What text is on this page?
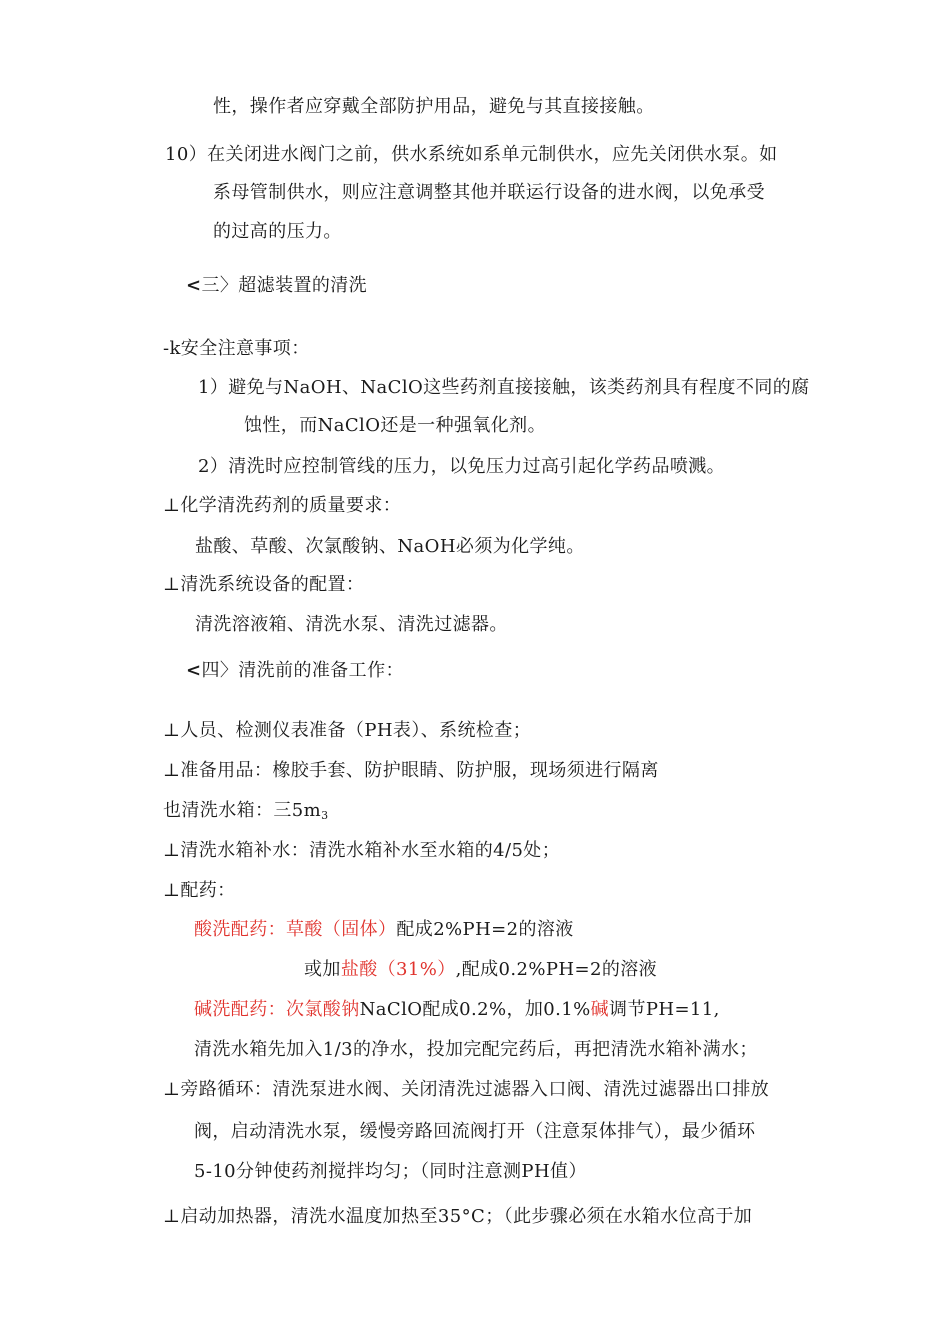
性，操作者应穿戴全部防护用品，避免与其直接接触。
10）在关闭进水阀门之前，供水系统如系单元制供水，应先关闭供水泵。如
系母管制供水，则应注意调整其他并联运行设备的进水阀，以免承受
的过高的压力。
<三〉超滤装置的清洗
-k安全注意事项：
1）避免与NaOH、NaClO这些药剂直接接触，该类药剂具有程度不同的腐
蚀性，而NaClO还是一种强氧化剂。
2）清洗时应控制管线的压力，以免压力过高引起化学药品喷溅。
⊥化学清洗药剂的质量要求：
盐酸、草酸、次氯酸钠、NaOH必须为化学纯。
⊥清洗系统设备的配置：
清洗溶液箱、清洗水泵、清洗过滤器。
<四〉清洗前的准备工作：
⊥人员、检测仪表准备（PH表）、系统检查；
⊥准备用品：橡胶手套、防护眼睛、防护服，现场须进行隔离
也清洗水箱：三$5m_3$
⊥清洗水箱补水：清洗水箱补水至水箱的4/5处；
⊥配药：
酸洗配药：草酸（固体）配成2%PH=2的溶液
或加盐酸（31%）,配成0.2%PH=2的溶液
碱洗配药：次氯酸钠NaClO配成0.2%，加0.1%碱调节PH=11,
清洗水箱先加入1/3的净水，投加完配完药后，再把清洗水箱补满水；
⊥旁路循环：清洗泵进水阀、关闭清洗过滤器入口阀、清洗过滤器出口排放
阀，启动清洗水泵，缓慢旁路回流阀打开（注意泵体排气），最少循环
5-10分钟使药剂搅拌均匀；（同时注意测PH值）
⊥启动加热器，清洗水温度加热至35°C；（此步骤必须在水箱水位高于加
